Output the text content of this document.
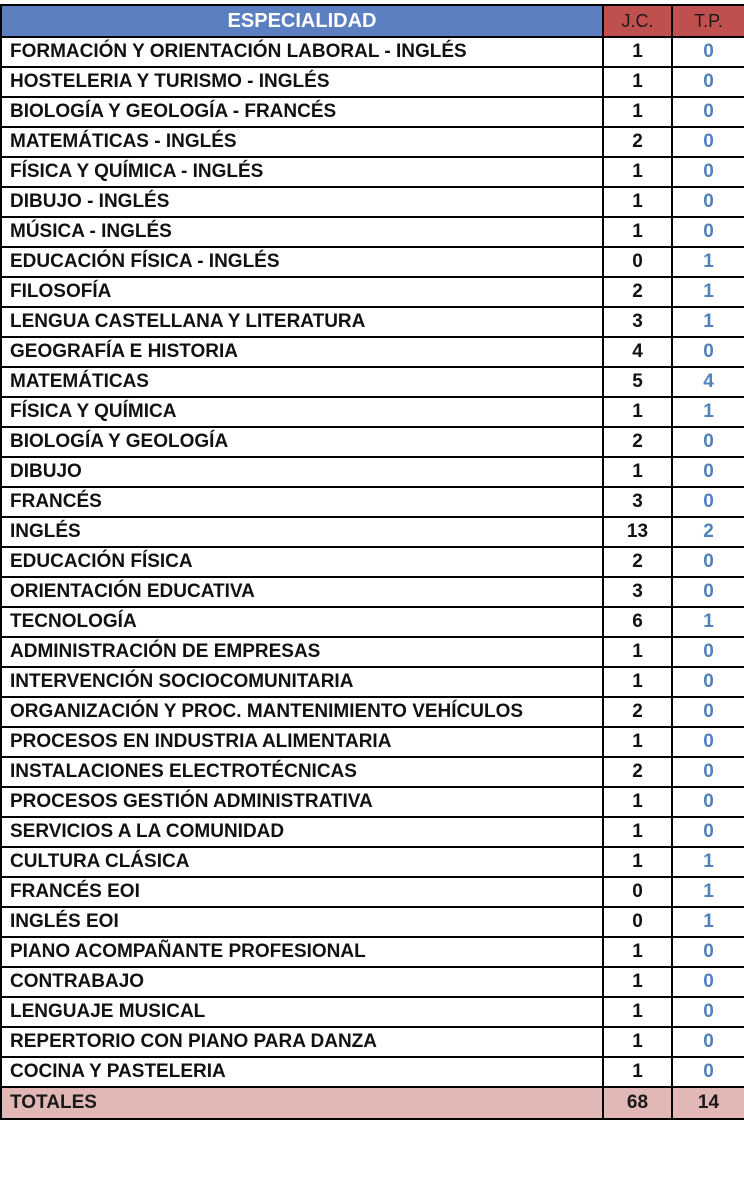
ESPECIALIDAD	J.C.	T.P.
FORMACIÓN Y ORIENTACIÓN LABORAL - INGLÉS	1	0
HOSTELERIA Y TURISMO - INGLÉS	1	0
BIOLOGÍA Y GEOLOGÍA - FRANCÉS	1	0
MATEMÁTICAS - INGLÉS	2	0
FÍSICA Y QUÍMICA - INGLÉS	1	0
DIBUJO - INGLÉS	1	0
MÚSICA - INGLÉS	1	0
EDUCACIÓN FÍSICA - INGLÉS	0	1
FILOSOFÍA	2	1
LENGUA CASTELLANA Y LITERATURA	3	1
GEOGRAFÍA E HISTORIA	4	0
MATEMÁTICAS	5	4
FÍSICA Y QUÍMICA	1	1
BIOLOGÍA Y GEOLOGÍA	2	0
DIBUJO	1	0
FRANCÉS	3	0
INGLÉS	13	2
EDUCACIÓN FÍSICA	2	0
ORIENTACIÓN EDUCATIVA	3	0
TECNOLOGÍA	6	1
ADMINISTRACIÓN DE EMPRESAS	1	0
INTERVENCIÓN SOCIOCOMUNITARIA	1	0
ORGANIZACIÓN Y PROC. MANTENIMIENTO VEHÍCULOS	2	0
PROCESOS EN INDUSTRIA ALIMENTARIA	1	0
INSTALACIONES ELECTROTÉCNICAS	2	0
PROCESOS GESTIÓN ADMINISTRATIVA	1	0
SERVICIOS A LA COMUNIDAD	1	0
CULTURA CLÁSICA	1	1
FRANCÉS EOI	0	1
INGLÉS EOI	0	1
PIANO ACOMPAÑANTE PROFESIONAL	1	0
CONTRABAJO	1	0
LENGUAJE MUSICAL	1	0
REPERTORIO CON PIANO PARA DANZA	1	0
COCINA Y PASTELERIA	1	0
TOTALES	68	14
